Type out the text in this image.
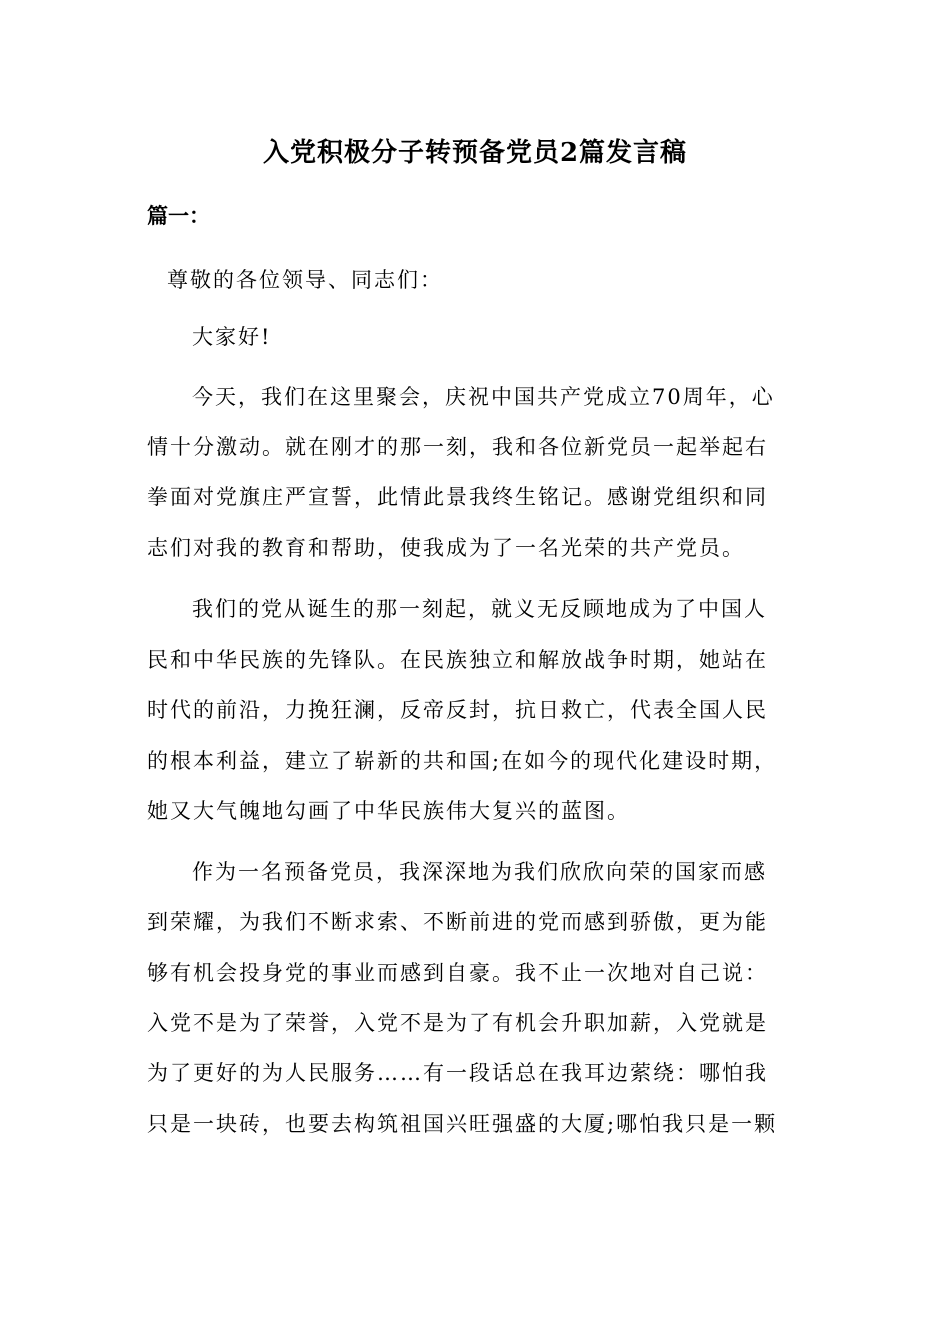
入党积极分子转预备党员2篇发言稿
篇一：
尊敬的各位领导、同志们：
大家好!
今天，我们在这里聚会，庆祝中国共产党成立70周年，心
情十分激动。就在刚才的那一刻，我和各位新党员一起举起右
拳面对党旗庄严宣誓，此情此景我终生铭记。感谢党组织和同
志们对我的教育和帮助，使我成为了一名光荣的共产党员。
我们的党从诞生的那一刻起，就义无反顾地成为了中国人
民和中华民族的先锋队。在民族独立和解放战争时期，她站在
时代的前沿，力挽狂澜，反帝反封，抗日救亡，代表全国人民
的根本利益，建立了崭新的共和国;在如今的现代化建设时期，
她又大气魄地勾画了中华民族伟大复兴的蓝图。
作为一名预备党员，我深深地为我们欣欣向荣的国家而感
到荣耀，为我们不断求索、不断前进的党而感到骄傲，更为能
够有机会投身党的事业而感到自豪。我不止一次地对自己说：
入党不是为了荣誉，入党不是为了有机会升职加薪，入党就是
为了更好的为人民服务……有一段话总在我耳边萦绕：哪怕我
只是一块砖，也要去构筑祖国兴旺强盛的大厦;哪怕我只是一颗
